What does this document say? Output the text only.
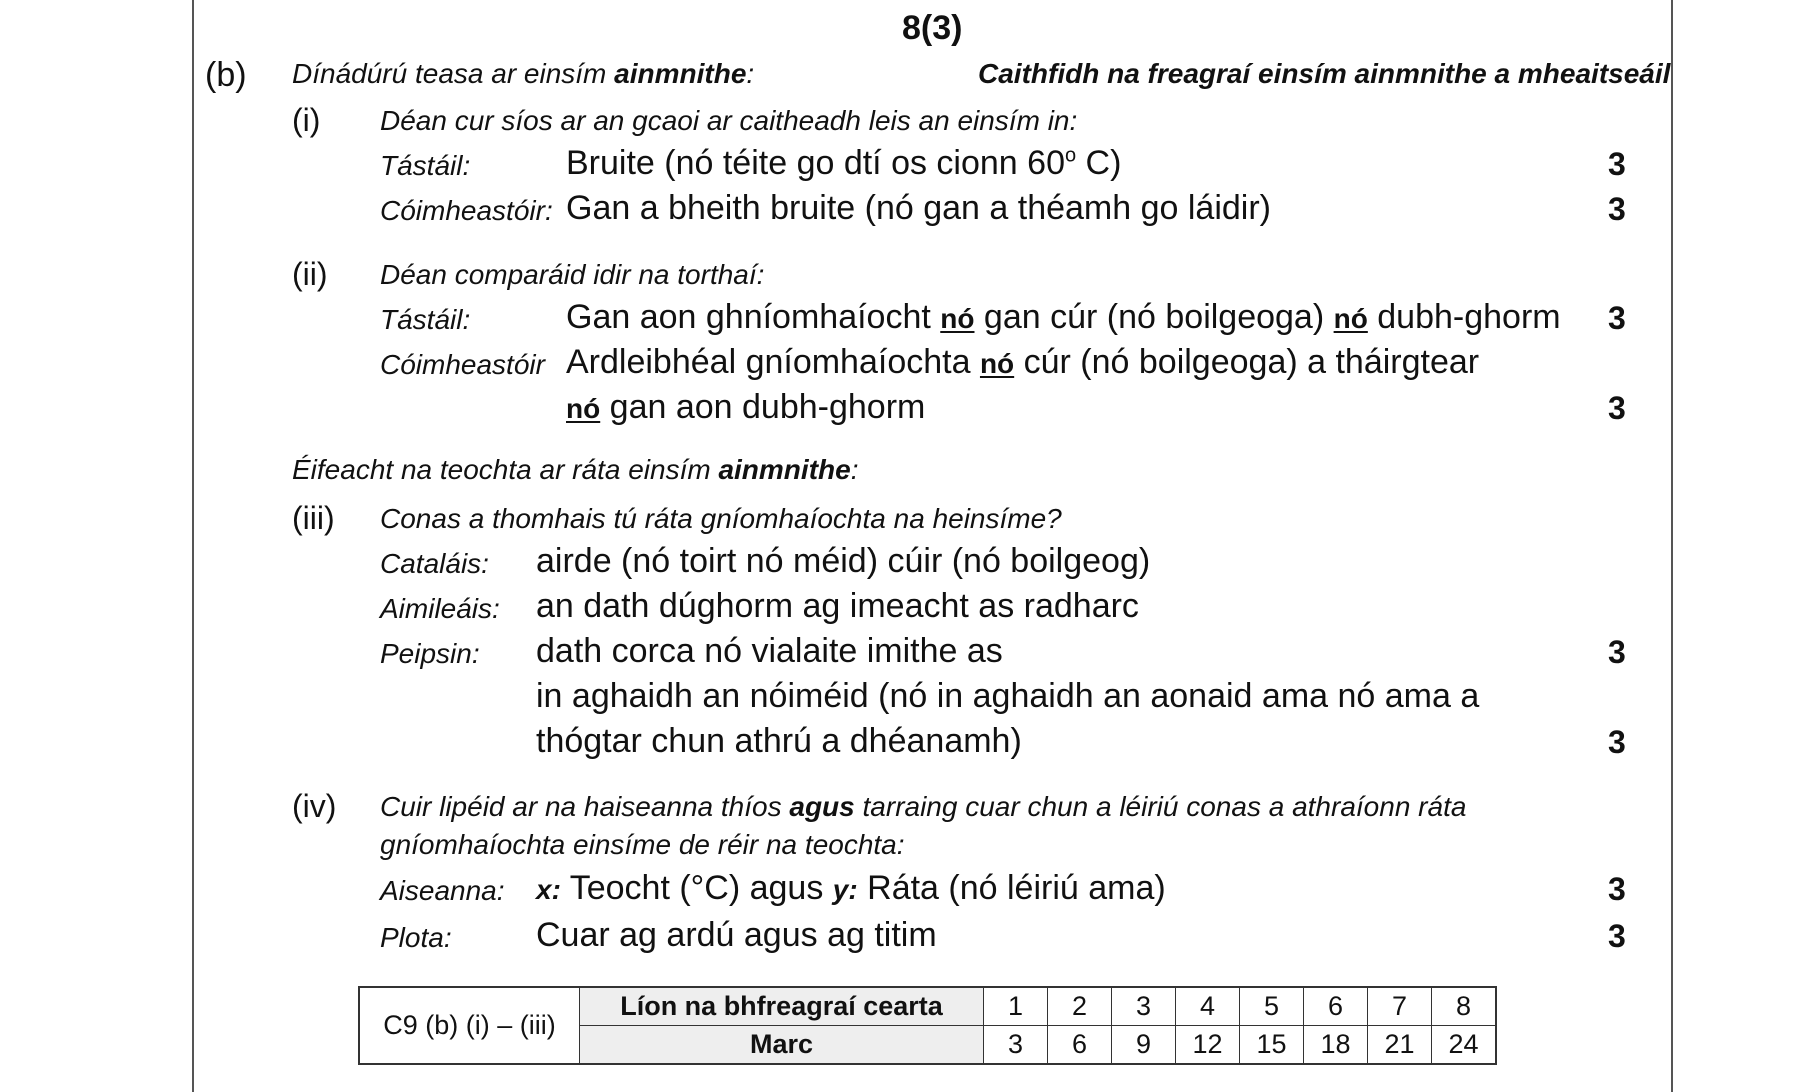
8(3)
(b) Dínádúrú teasa ar einsím ainmnithe:	Caithfidh na freagraí einsím ainmnithe a mheaitseáil
(i) Déan cur síos ar an gcaoi ar caitheadh leis an einsím in:
Tástáil:	Bruite (nó téite go dtí os cionn 60$^o$ C)	3
Cóimheastóir: Gan a bheith bruite (nó gan a théamh go láidir)	3
(ii) Déan comparáid idir na torthaí:
Tástáil:	Gan aon ghníomhaíocht nó gan cúr (nó boilgeoga) nó dubh-ghorm 3
Cóimheastóir Ardleibhéal gníomhaíochta nó cúr (nó boilgeoga) a tháirgtear
nó gan aon dubh-ghorm	3
Éifeacht na teochta ar ráta einsím ainmnithe:
(iii) Conas a thomhais tú ráta gníomhaíochta na heinsíme?
Cataláis: airde (nó toirt nó méid) cúir (nó boilgeog)
Aimileáis: an dath dúghorm ag imeacht as radharc
Peipsin: dath corca nó vialaite imithe as	3
in aghaidh an nóiméid (nó in aghaidh an aonaid ama nó ama a
thógtar chun athrú a dhéanamh)	3
(iv) Cuir lipéid ar na haiseanna thíos agus tarraing cuar chun a léiriú conas a athraíonn ráta
gníomhaíochta einsíme de réir na teochta:
Aiseanna: x: Teocht (°C) agus y: Ráta (nó léiriú ama)	3
Plota: Cuar ag ardú agus ag titim	3
C9 (b) (i) – (iii)	Líon na bhfreagraí cearta	1	2	3	4	5	6	7	8
	Marc	3	6	9	12	15	18	21	24
